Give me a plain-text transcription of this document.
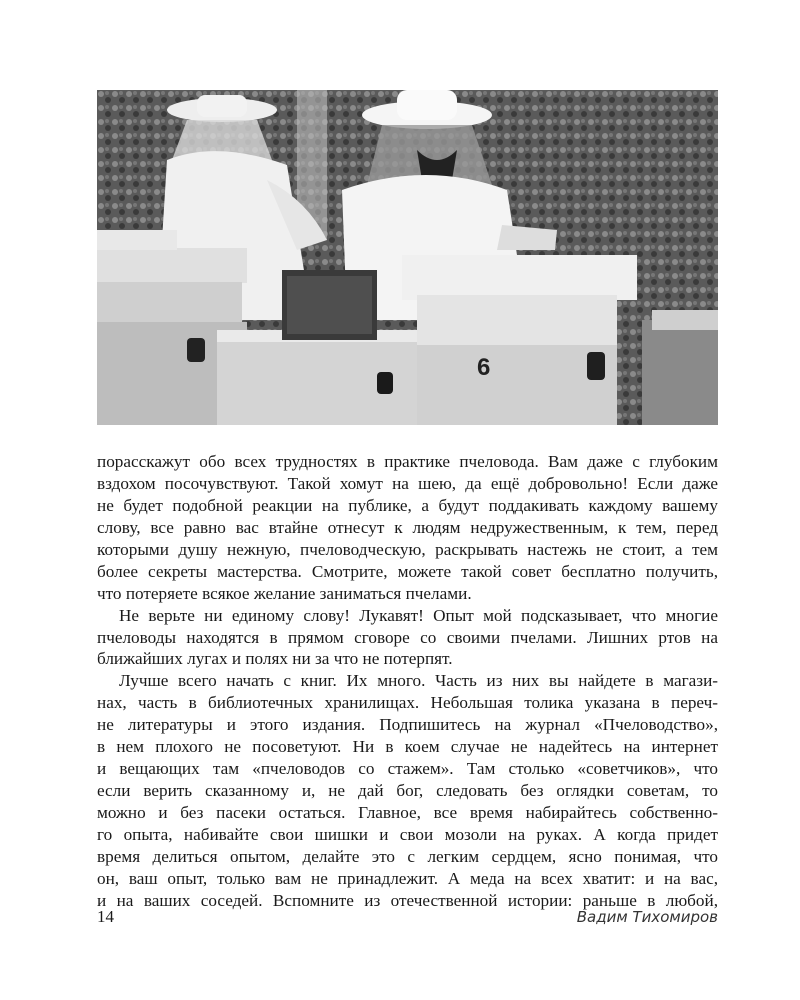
6
порасскажут обо всех трудностях в практике пчеловода. Вам даже с глубоким
вздохом посочувствуют. Такой хомут на шею, да ещё добровольно! Если даже
не будет подобной реакции на публике, а будут поддакивать каждому вашему
слову, все равно вас втайне отнесут к людям недружественным, к тем, перед
которыми душу нежную, пчеловодческую, раскрывать настежь не стоит, а тем
более секреты мастерства. Смотрите, можете такой совет бесплатно получить,
что потеряете всякое желание заниматься пчелами.
Не верьте ни единому слову! Лукавят! Опыт мой подсказывает, что многие
пчеловоды находятся в прямом сговоре со своими пчелами. Лишних ртов на
ближайших лугах и полях ни за что не потерпят.
Лучше всего начать с книг. Их много. Часть из них вы найдете в магази-
нах, часть в библиотечных хранилищах. Небольшая толика указана в переч-
не литературы и этого издания. Подпишитесь на журнал «Пчеловодство»,
в нем плохого не посоветуют. Ни в коем случае не надейтесь на интернет
и вещающих там «пчеловодов со стажем». Там столько «советчиков», что
если верить сказанному и, не дай бог, следовать без оглядки советам, то
можно и без пасеки остаться. Главное, все время набирайтесь собственно-
го опыта, набивайте свои шишки и свои мозоли на руках. А когда придет
время делиться опытом, делайте это с легким сердцем, ясно понимая, что
он, ваш опыт, только вам не принадлежит. А меда на всех хватит: и на вас,
и на ваших соседей. Вспомните из отечественной истории: раньше в любой,
14	Вадим Тихомиров
